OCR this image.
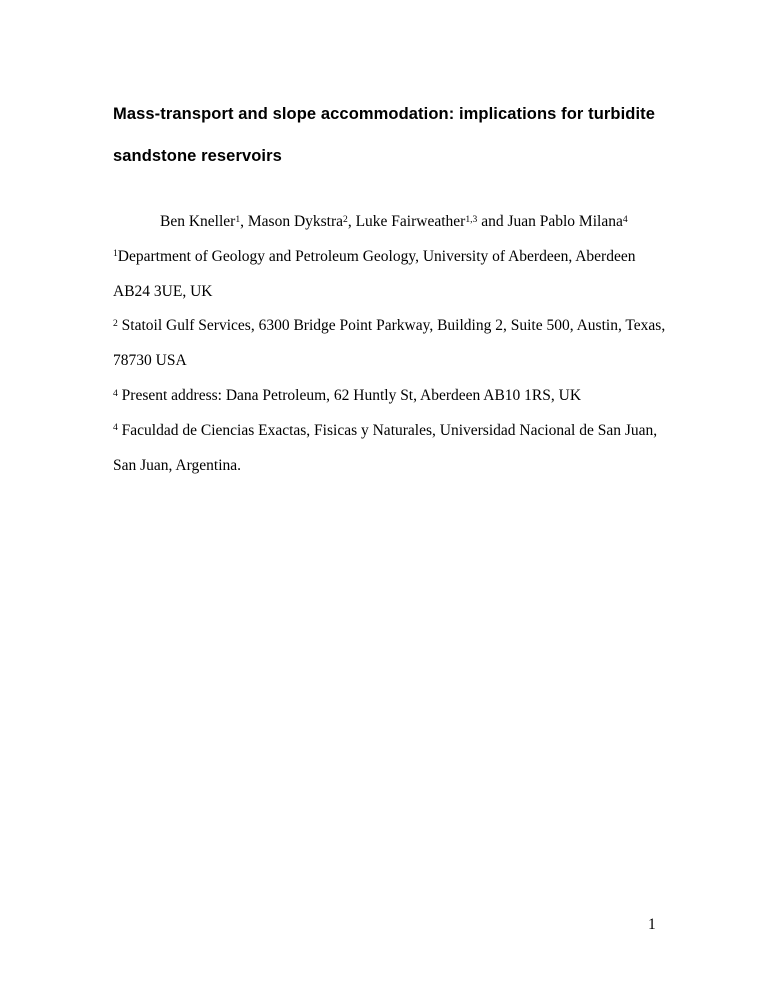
Mass-transport and slope accommodation: implications for turbidite
sandstone reservoirs
Ben Kneller$^1$, Mason Dykstra$^2$, Luke Fairweather$^{1,3}$ and Juan Pablo Milana$^4$
$^1$Department of Geology and Petroleum Geology, University of Aberdeen, Aberdeen
AB24 3UE, UK
$^2$ Statoil Gulf Services, 6300 Bridge Point Parkway, Building 2, Suite 500, Austin, Texas,
78730 USA
$^4$ Present address: Dana Petroleum, 62 Huntly St, Aberdeen AB10 1RS, UK
$^4$ Faculdad de Ciencias Exactas, Fisicas y Naturales, Universidad Nacional de San Juan,
San Juan, Argentina.
1
